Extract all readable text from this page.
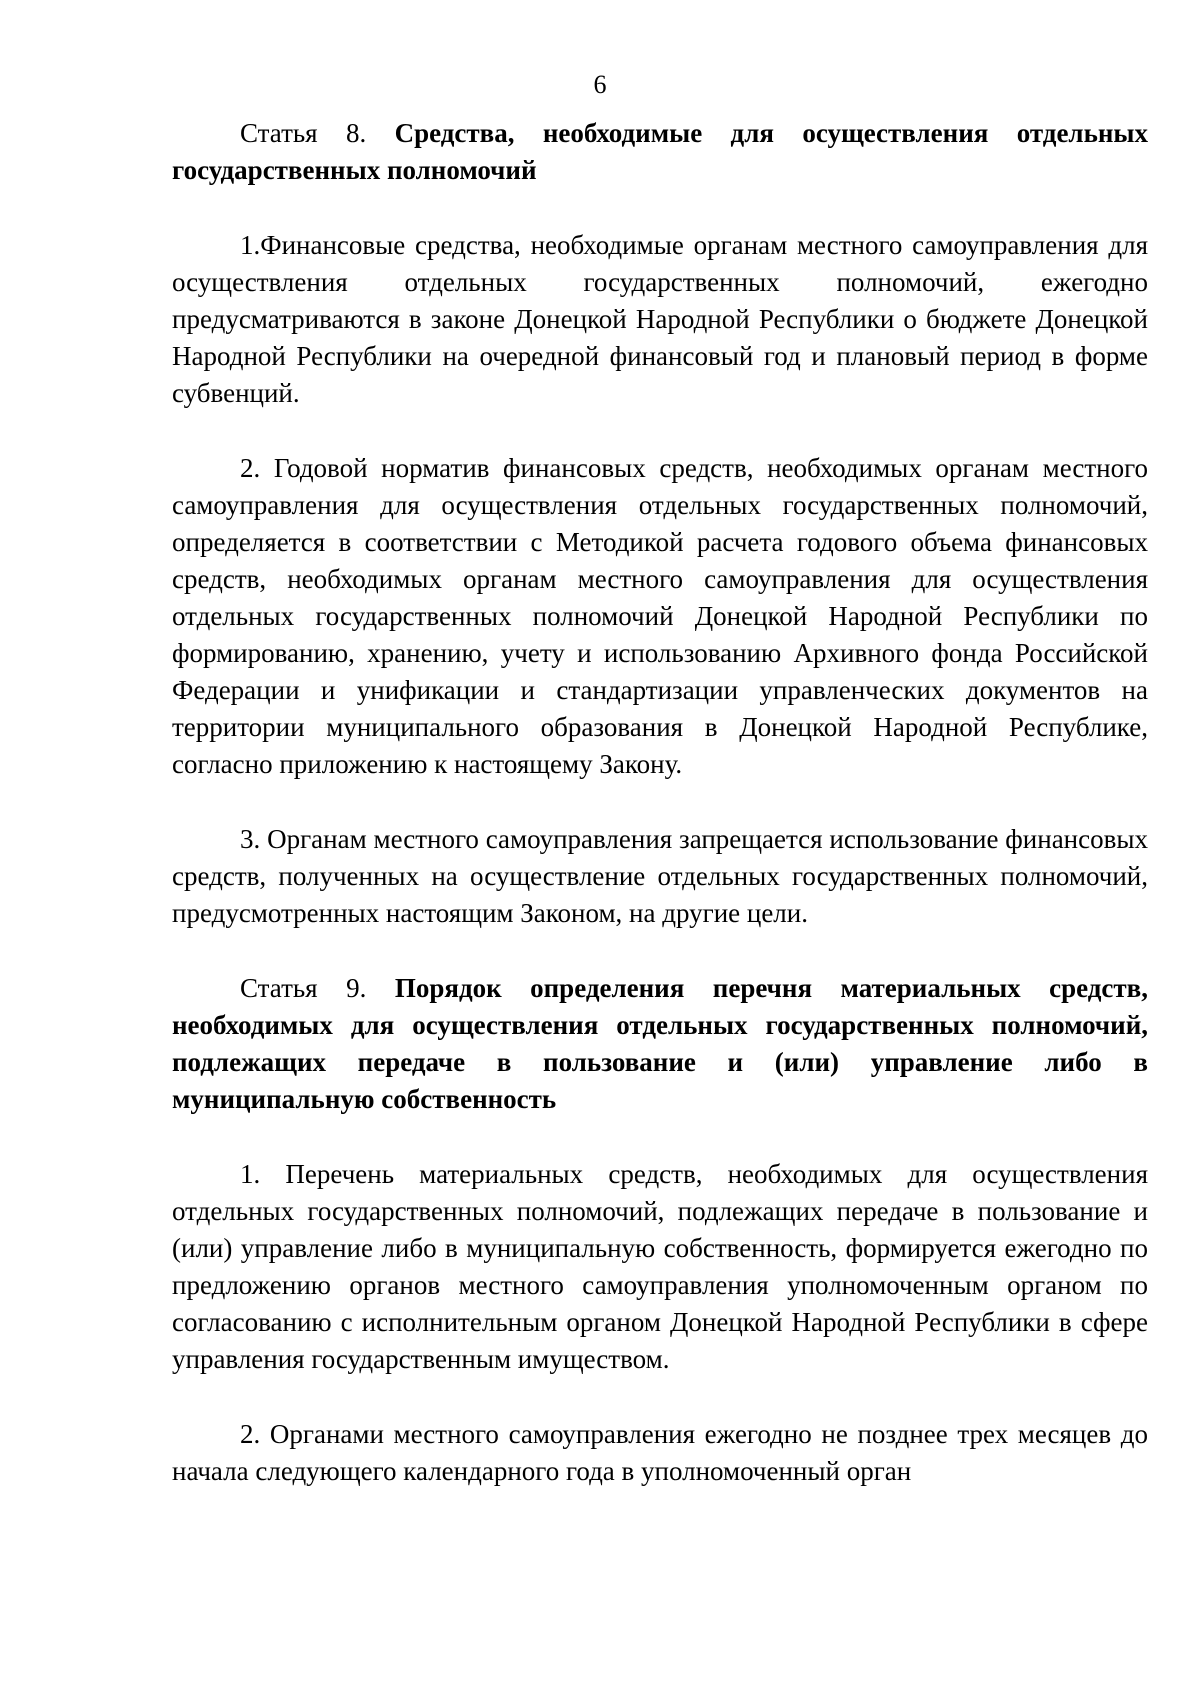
6

Статья 8. Средства, необходимые для осуществления отдельных государственных полномочий

1.Финансовые средства, необходимые органам местного самоуправления для осуществления отдельных государственных полномочий, ежегодно предусматриваются в законе Донецкой Народной Республики о бюджете Донецкой Народной Республики на очередной финансовый год и плановый период в форме субвенций.

2. Годовой норматив финансовых средств, необходимых органам местного самоуправления для осуществления отдельных государственных полномочий, определяется в соответствии с Методикой расчета годового объема финансовых средств, необходимых органам местного самоуправления для осуществления отдельных государственных полномочий Донецкой Народной Республики по формированию, хранению, учету и использованию Архивного фонда Российской Федерации и унификации и стандартизации управленческих документов на территории муниципального образования в Донецкой Народной Республике, согласно приложению к настоящему Закону.

3. Органам местного самоуправления запрещается использование финансовых средств, полученных на осуществление отдельных государственных полномочий, предусмотренных настоящим Законом, на другие цели.

Статья 9. Порядок определения перечня материальных средств, необходимых для осуществления отдельных государственных полномочий, подлежащих передаче в пользование и (или) управление либо в муниципальную собственность

1. Перечень материальных средств, необходимых для осуществления отдельных государственных полномочий, подлежащих передаче в пользование и (или) управление либо в муниципальную собственность, формируется ежегодно по предложению органов местного самоуправления уполномоченным органом по согласованию с исполнительным органом Донецкой Народной Республики в сфере управления государственным имуществом.

2. Органами местного самоуправления ежегодно не позднее трех месяцев до начала следующего календарного года в уполномоченный орган
